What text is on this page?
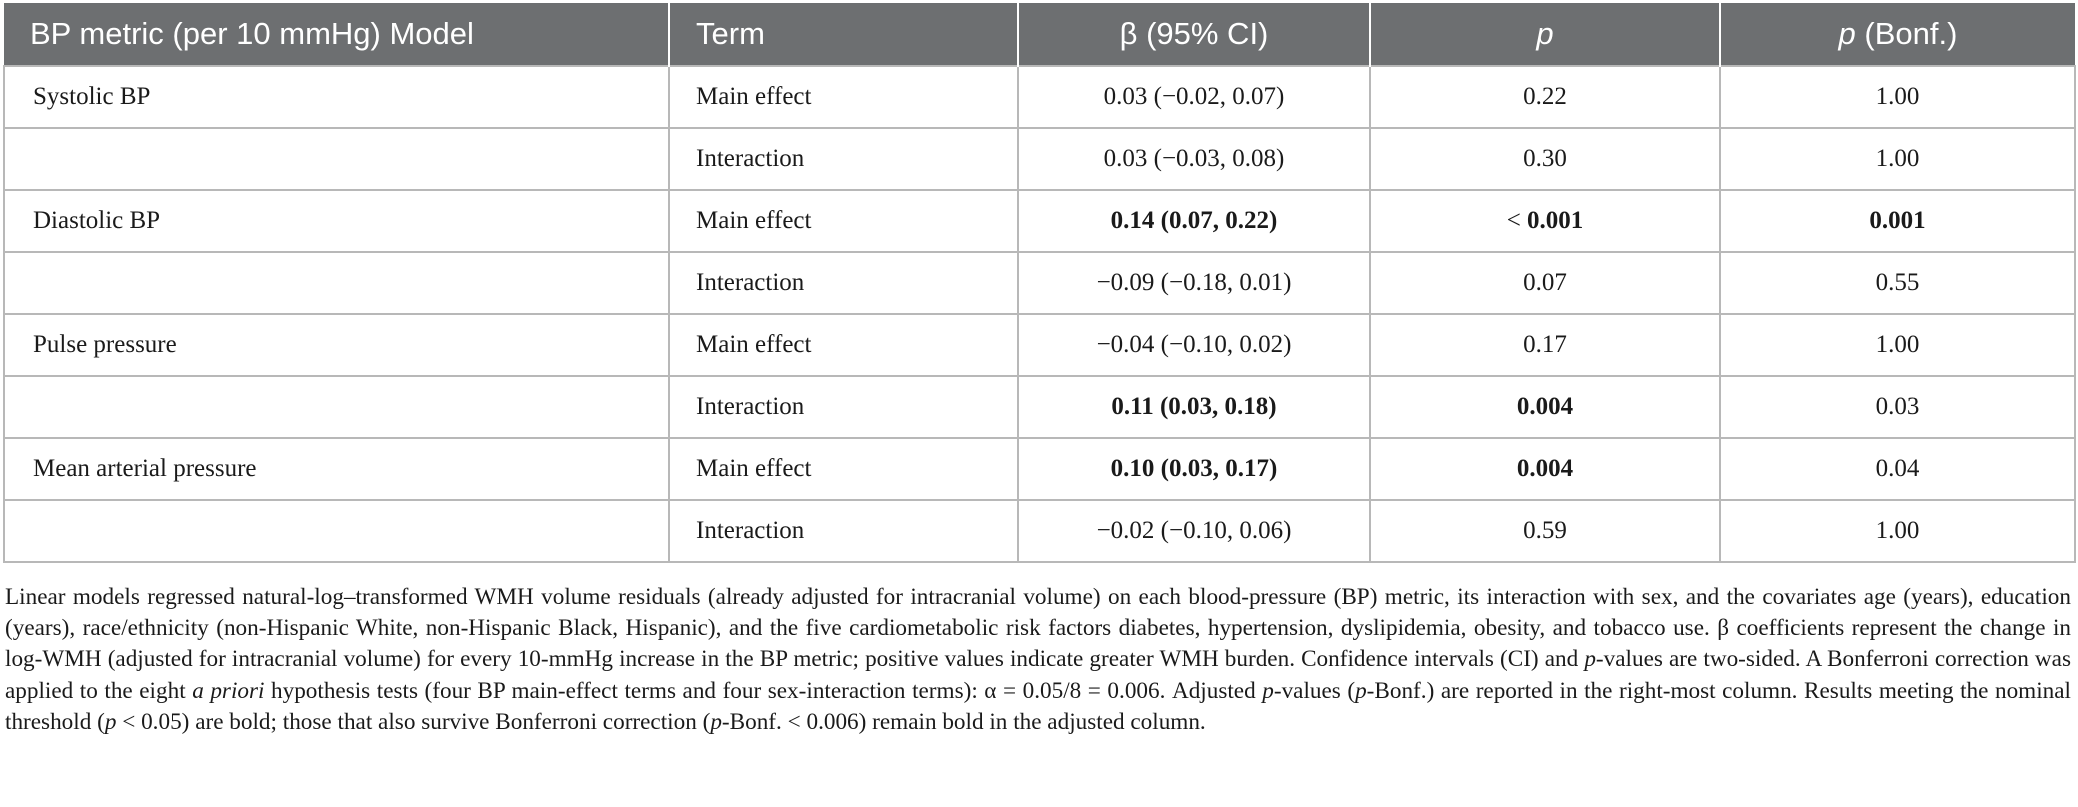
BP metric (per 10 mmHg) Model	Term	β (95% CI)	p	p (Bonf.)
Systolic BP	Main effect	0.03 (−0.02, 0.07)	0.22	1.00
	Interaction	0.03 (−0.03, 0.08)	0.30	1.00
Diastolic BP	Main effect	0.14 (0.07, 0.22)	< 0.001	0.001
	Interaction	−0.09 (−0.18, 0.01)	0.07	0.55
Pulse pressure	Main effect	−0.04 (−0.10, 0.02)	0.17	1.00
	Interaction	0.11 (0.03, 0.18)	0.004	0.03
Mean arterial pressure	Main effect	0.10 (0.03, 0.17)	0.004	0.04
	Interaction	−0.02 (−0.10, 0.06)	0.59	1.00

Linear models regressed natural-log–transformed WMH volume residuals (already adjusted for intracranial volume) on each blood-pressure (BP) metric, its interaction with sex, and the covariates age (years), education (years), race/ethnicity (non-Hispanic White, non-Hispanic Black, Hispanic), and the five cardiometabolic risk factors diabetes, hypertension, dyslipidemia, obesity, and tobacco use. β coefficients represent the change in log-WMH (adjusted for intracranial volume) for every 10-mmHg increase in the BP metric; positive values indicate greater WMH burden. Confidence intervals (CI) and p-values are two-sided. A Bonferroni correction was applied to the eight a priori hypothesis tests (four BP main-effect terms and four sex-interaction terms): α = 0.05/8 = 0.006. Adjusted p-values (p-Bonf.) are reported in the right-most column. Results meeting the nominal threshold (p < 0.05) are bold; those that also survive Bonferroni correction (p-Bonf. < 0.006) remain bold in the adjusted column.
